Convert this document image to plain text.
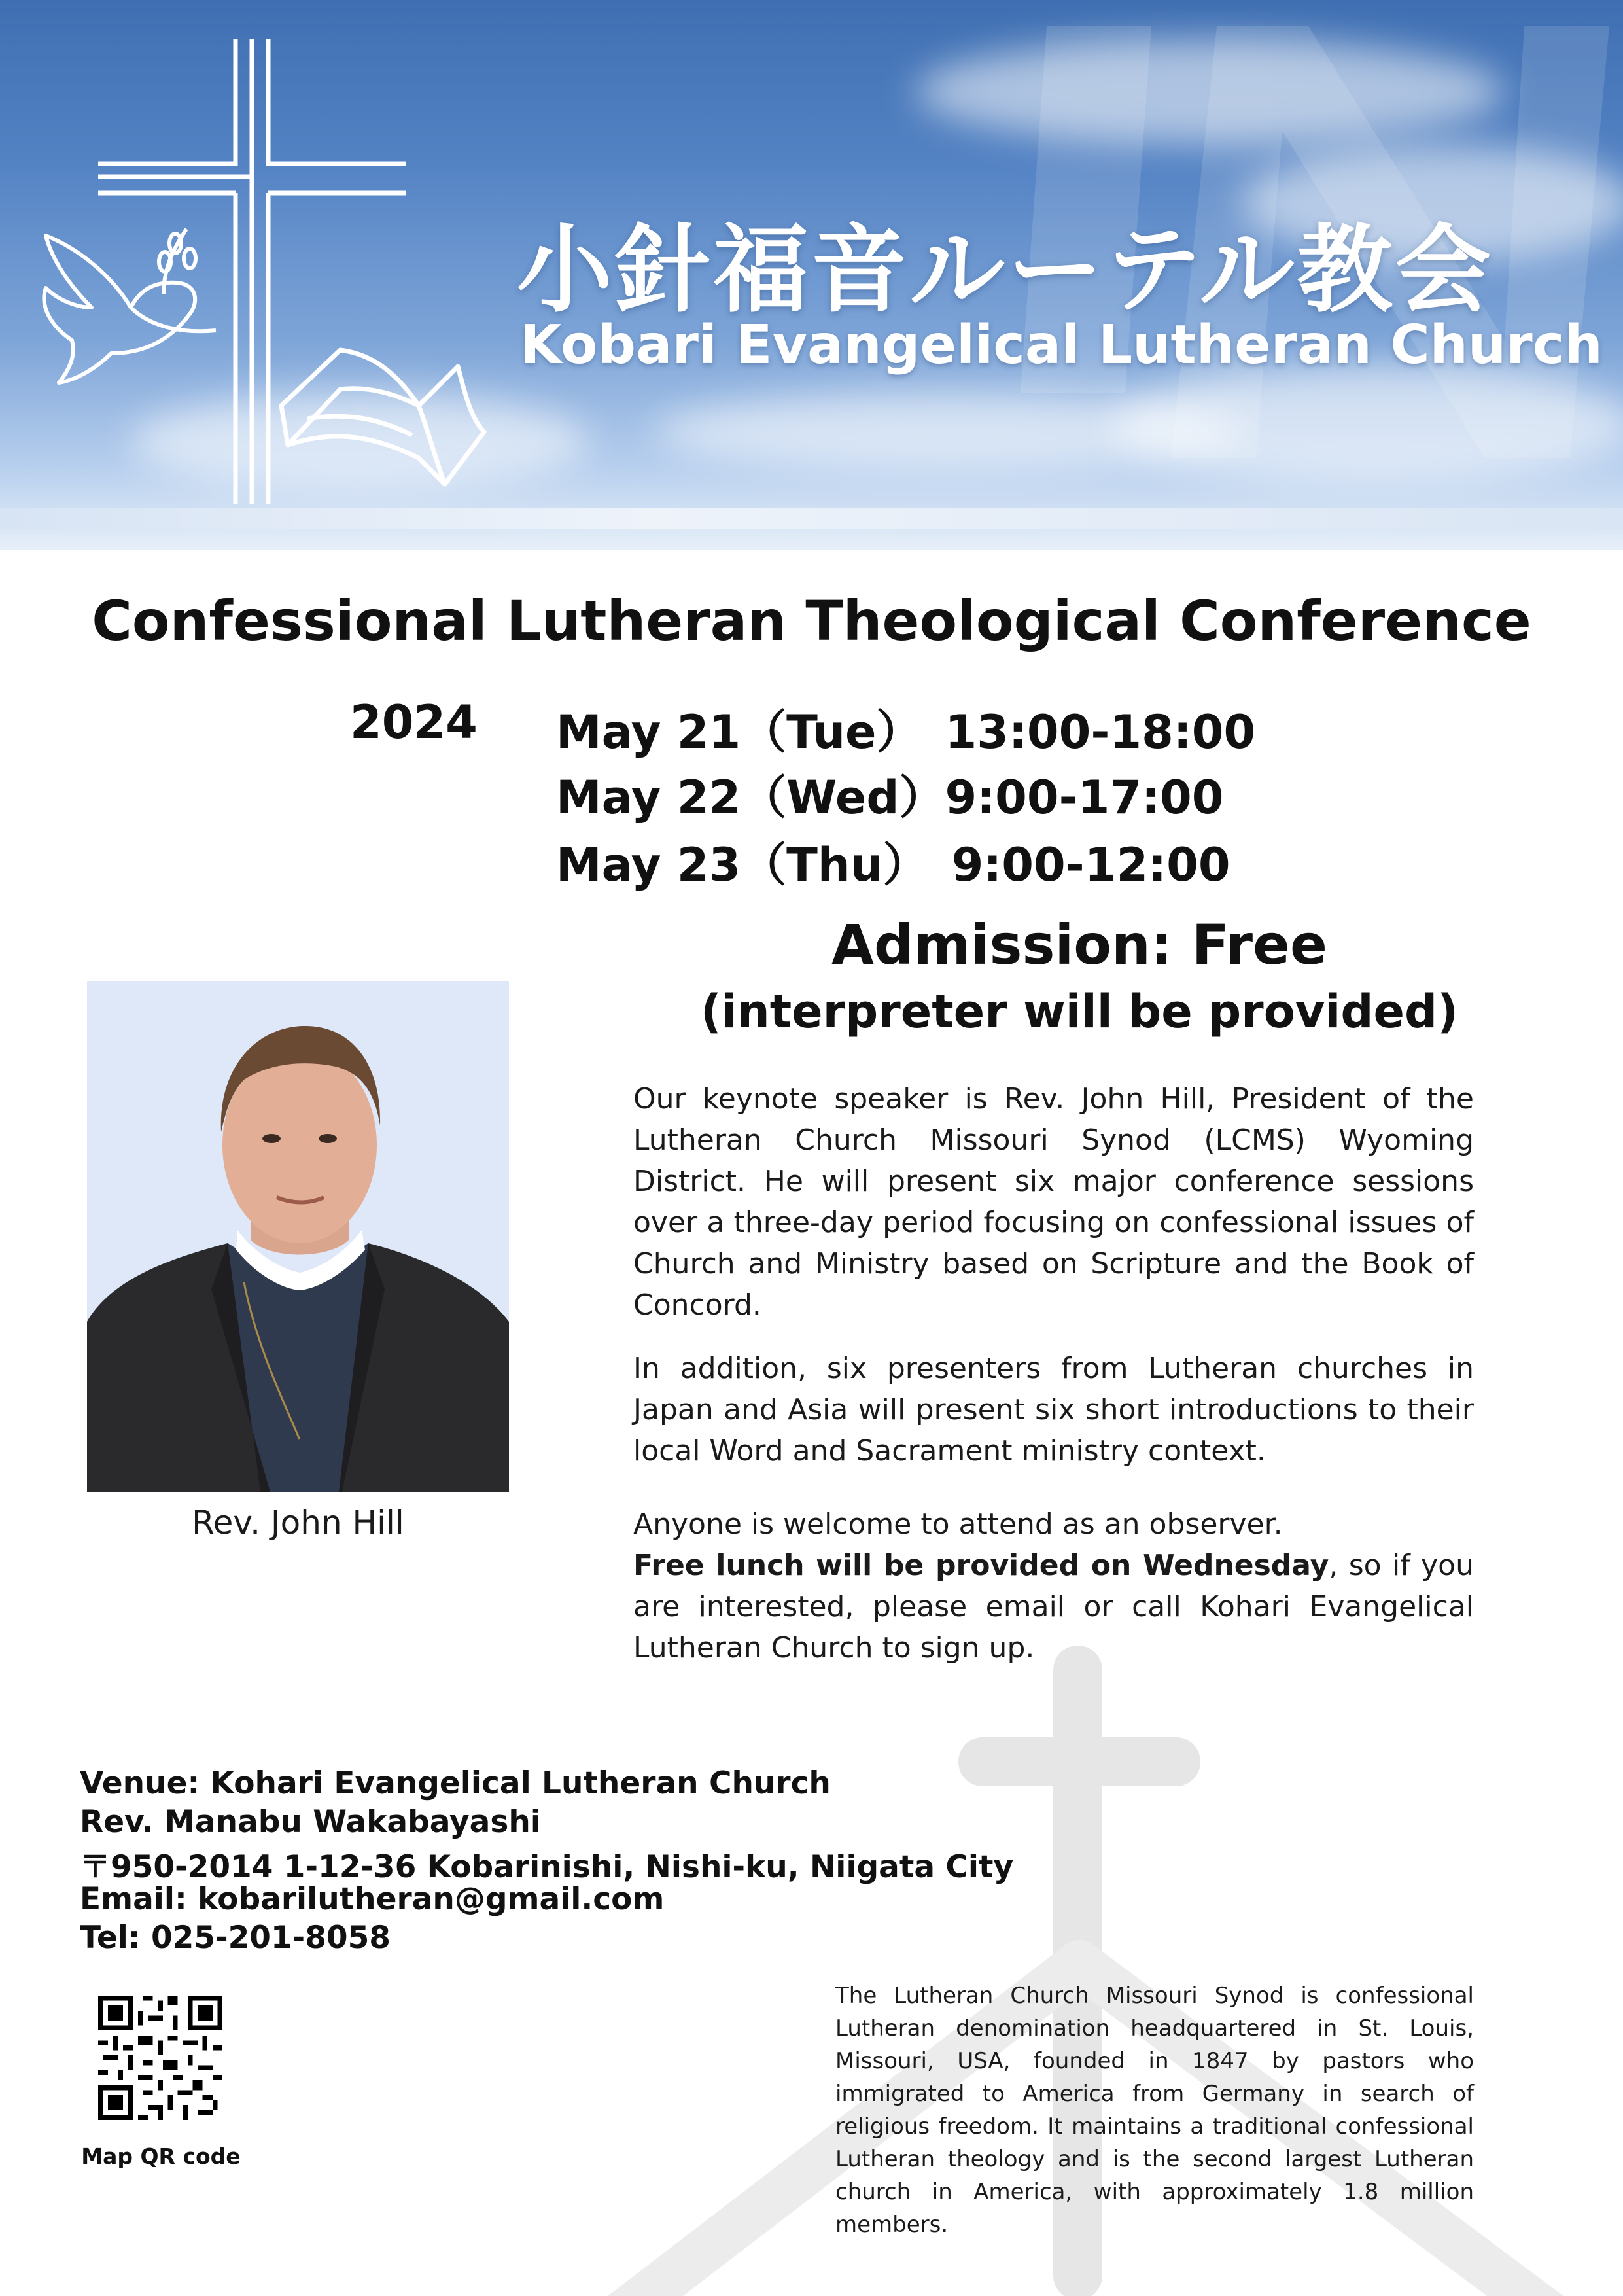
小針福音ルーテル教会
Kobari Evangelical Lutheran Church
Confessional Lutheran Theological Conference
2024 May 21（Tue）　13:00-18:00
May 22（Wed）9:00-17:00
May 23（Thu）　9:00-12:00
Admission: Free
(interpreter will be provided)
Rev. John Hill
Our keynote speaker is Rev. John Hill, President of the Lutheran Church Missouri Synod (LCMS) Wyoming District. He will present six major conference sessions over a three-day period focusing on confessional issues of Church and Ministry based on Scripture and the Book of Concord.
In addition, six presenters from Lutheran churches in Japan and Asia will present six short introductions to their local Word and Sacrament ministry context.
Anyone is welcome to attend as an observer.
Free lunch will be provided on Wednesday, so if you are interested, please email or call Kohari Evangelical Lutheran Church to sign up.
Venue: Kohari Evangelical Lutheran Church
Rev. Manabu Wakabayashi
〒950-2014 1-12-36 Kobarinishi, Nishi-ku, Niigata City
Email: kobarilutheran@gmail.com
Tel: 025-201-8058
Map QR code
The Lutheran Church Missouri Synod is confessional Lutheran denomination headquartered in St. Louis, Missouri, USA, founded in 1847 by pastors who immigrated to America from Germany in search of religious freedom. It maintains a traditional confessional Lutheran theology and is the second largest Lutheran church in America, with approximately 1.8 million members.
